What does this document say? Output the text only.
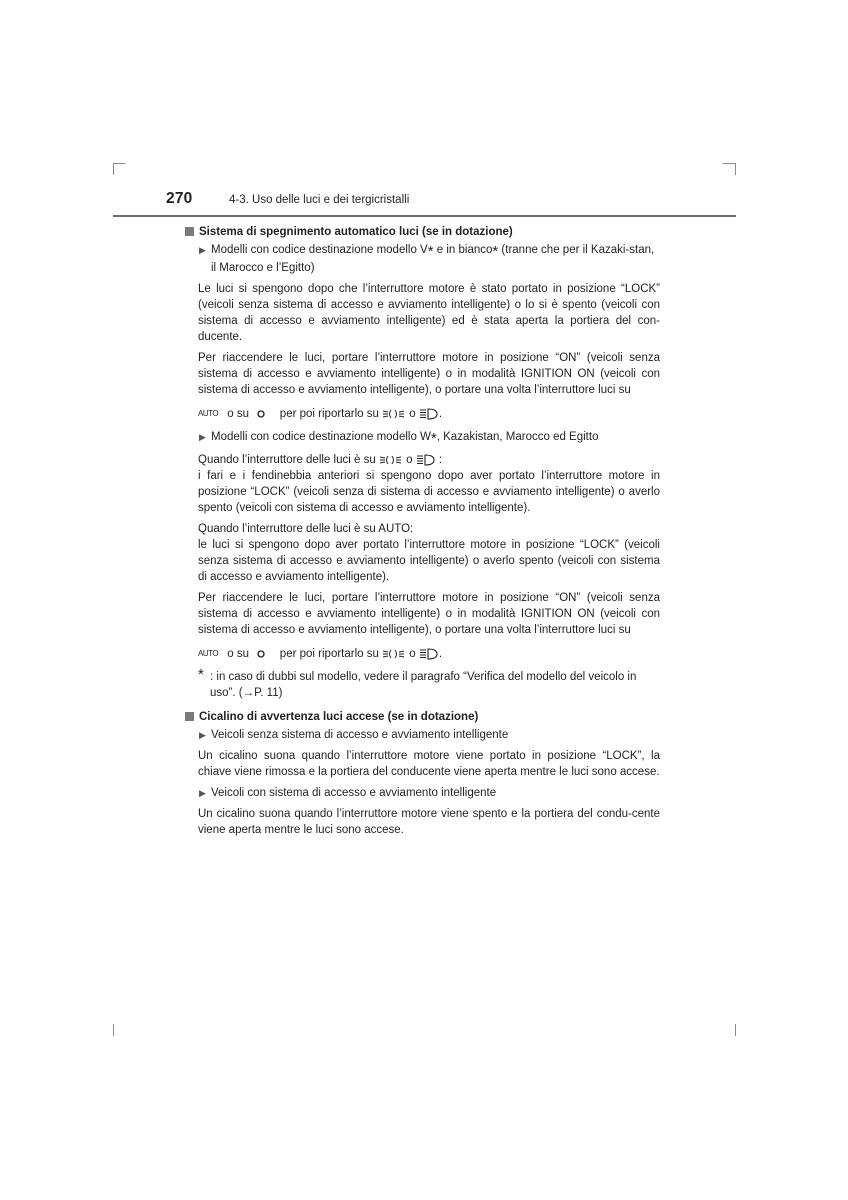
270	4-3. Uso delle luci e dei tergicristalli
Sistema di spegnimento automatico luci (se in dotazione)
▶ Modelli con codice destinazione modello V* e in bianco* (tranne che per il Kazaki-stan, il Marocco e l’Egitto)

Le luci si spengono dopo che l’interruttore motore è stato portato in posizione “LOCK” (veicoli senza sistema di accesso e avviamento intelligente) o lo si è spento (veicoli con sistema di accesso e avviamento intelligente) ed è stata aperta la portiera del con-ducente.

Per riaccendere le luci, portare l’interruttore motore in posizione “ON” (veicoli senza sistema di accesso e avviamento intelligente) o in modalità IGNITION ON (veicoli con sistema di accesso e avviamento intelligente), o portare una volta l’interruttore luci su

AUTO o su per poi riportarlo su o .
▶ Modelli con codice destinazione modello W*, Kazakistan, Marocco ed Egitto

Quando l’interruttore delle luci è su  o  :

i fari e i fendinebbia anteriori si spengono dopo aver portato l’interruttore motore in posizione “LOCK” (veicoli senza di sistema di accesso e avviamento intelligente) o averlo spento (veicoli con sistema di accesso e avviamento intelligente).

Quando l’interruttore delle luci è su AUTO:

le luci si spengono dopo aver portato l’interruttore motore in posizione “LOCK” (veicoli senza sistema di accesso e avviamento intelligente) o averlo spento (veicoli con sistema di accesso e avviamento intelligente).

Per riaccendere le luci, portare l’interruttore motore in posizione “ON” (veicoli senza sistema di accesso e avviamento intelligente) o in modalità IGNITION ON (veicoli con sistema di accesso e avviamento intelligente), o portare una volta l’interruttore luci su

AUTO o su per poi riportarlo su o .
* : in caso di dubbi sul modello, vedere il paragrafo “Verifica del modello del veicolo in uso”. (→P. 11)
Cicalino di avvertenza luci accese (se in dotazione)
▶ Veicoli senza sistema di accesso e avviamento intelligente

Un cicalino suona quando l’interruttore motore viene portato in posizione “LOCK”, la chiave viene rimossa e la portiera del conducente viene aperta mentre le luci sono accese.

▶ Veicoli con sistema di accesso e avviamento intelligente

Un cicalino suona quando l’interruttore motore viene spento e la portiera del condu-cente viene aperta mentre le luci sono accese.
